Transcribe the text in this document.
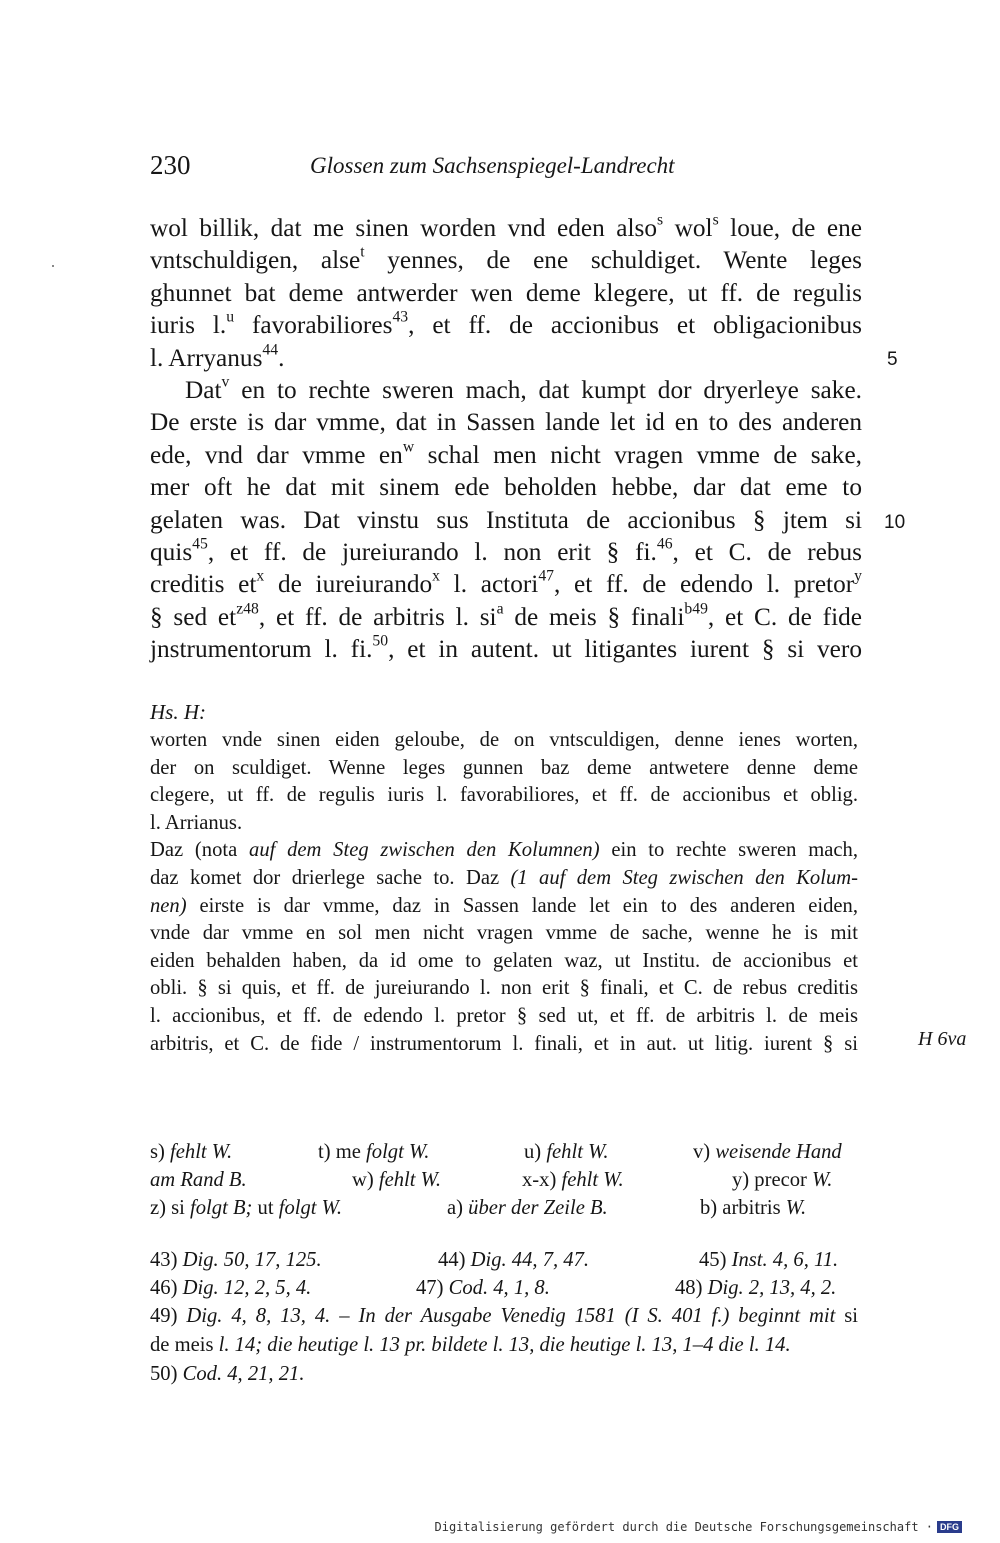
230	Glossen zum Sachsenspiegel-Landrecht
wol billik, dat me sinen worden vnd eden also$^s$ wol$^s$ loue, de ene
vntschuldigen, alse$^t$ yennes, de ene schuldiget. Wente leges
ghunnet bat deme antwerder wen deme klegere, ut ff. de regulis
iuris l.$^u$ favorabiliores$^{43}$, et ff. de accionibus et obligacionibus
l. Arryanus$^{44}$.
Dat$^v$ en to rechte sweren mach, dat kumpt dor dryerleye sake.
De erste is dar vmme, dat in Sassen lande let id en to des anderen
ede, vnd dar vmme $en^w$ schal men nicht vragen vmme de sake,
mer oft he dat mit sinem ede beholden hebbe, dar dat eme to
gelaten was. Dat vinstu sus Instituta de accionibus § jtem si
quis$^{45}$, et ff. de jureiurando l. non erit § fi.$^{46}$, et C. de rebus
creditis $et^x$ de iureiurando$^x$ l. actori$^{47}$, et ff. de edendo l. pretor$^y$
§ sed $et^{z48}$, et ff. de arbitris l. $si^a$ de meis § finali$^{b49}$, et C. de fide
jnstrumentorum l. fi.$^{50}$, et in autent. ut litigantes iurent § si vero
5
10
Hs. H:
worten vnde sinen eiden geloube, de on vntsculdigen, denne ienes worten,
der on sculdiget. Wenne leges gunnen baz deme antwetere denne deme
clegere, ut ff. de regulis iuris l. favorabiliores, et ff. de accionibus et oblig.
l. Arrianus.
Daz (nota auf dem Steg zwischen den Kolumnen) ein to rechte sweren mach,
daz komet dor drierlege sache to. Daz (1 auf dem Steg zwischen den Kolum-
nen) eirste is dar vmme, daz in Sassen lande let ein to des anderen eiden,
vnde dar vmme en sol men nicht vragen vmme de sache, wenne he is mit
eiden behalden haben, da id ome to gelaten waz, ut Institu. de accionibus et
obli. § si quis, et ff. de jureiurando l. non erit § finali, et C. de rebus creditis
l. accionibus, et ff. de edendo l. pretor § sed ut, et ff. de arbitris l. de meis
arbitris, et C. de fide / instrumentorum l. finali, et in aut. ut litig. iurent § si	H 6va
s) fehlt W.	t) me folgt W.	u) fehlt W.	v) weisende Hand
am Rand B.	w) fehlt W.	x-x) fehlt W.	y) precor W.
z) si folgt B; ut folgt W.	a) über der Zeile B.	b) arbitris W.
43) Dig. 50, 17, 125.	44) Dig. 44, 7, 47.	45) Inst. 4, 6, 11.
46) Dig. 12, 2, 5, 4.	47) Cod. 4, 1, 8.	48) Dig. 2, 13, 4, 2.
49) Dig. 4, 8, 13, 4. – In der Ausgabe Venedig 1581 (I S. 401 f.) beginnt mit si
de meis l. 14; die heutige l. 13 pr. bildete l. 13, die heutige l. 13, 1–4 die l. 14.
50) Cod. 4, 21, 21.
Digitalisierung gefördert durch die Deutsche Forschungsgemeinschaft · DFG
